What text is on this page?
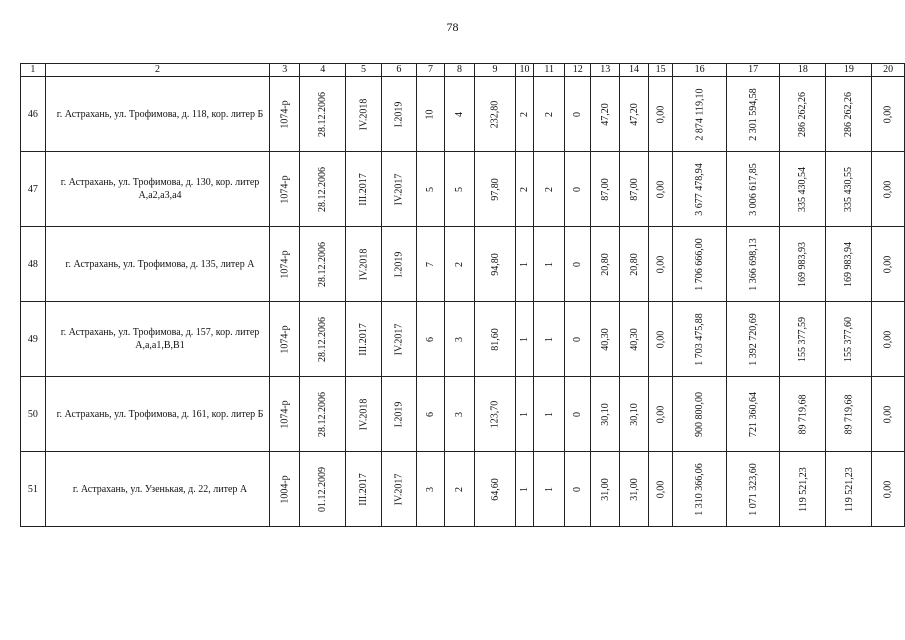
78
1	2	3	4	5	6	7	8	9	10	11	12	13	14	15	16	17	18	19	20
46	г. Астрахань, ул. Трофимова, д. 118, кор. литер Б	1074-р	28.12.2006	IV.2018	I.2019	10	4	232,80	2	2	0	47,20	47,20	0,00	2 874 119,10	2 301 594,58	286 262,26	286 262,26	0,00
47	г. Астрахань, ул. Трофимова, д. 130, кор. литер А,а2,а3,а4	1074-р	28.12.2006	III.2017	IV.2017	5	5	97,80	2	2	0	87,00	87,00	0,00	3 677 478,94	3 006 617,85	335 430,54	335 430,55	0,00
48	г. Астрахань, ул. Трофимова, д. 135, литер А	1074-р	28.12.2006	IV.2018	I.2019	7	2	94,80	1	1	0	20,80	20,80	0,00	1 706 666,00	1 366 698,13	169 983,93	169 983,94	0,00
49	г. Астрахань, ул. Трофимова, д. 157, кор. литер А,а,а1,В,В1	1074-р	28.12.2006	III.2017	IV.2017	6	3	81,60	1	1	0	40,30	40,30	0,00	1 703 475,88	1 392 720,69	155 377,59	155 377,60	0,00
50	г. Астрахань, ул. Трофимова, д. 161, кор. литер Б	1074-р	28.12.2006	IV.2018	I.2019	6	3	123,70	1	1	0	30,10	30,10	0,00	900 800,00	721 360,64	89 719,68	89 719,68	0,00
51	г. Астрахань, ул. Узенькая, д. 22, литер А	1004-р	01.12.2009	III.2017	IV.2017	3	2	64,60	1	1	0	31,00	31,00	0,00	1 310 366,06	1 071 323,60	119 521,23	119 521,23	0,00
